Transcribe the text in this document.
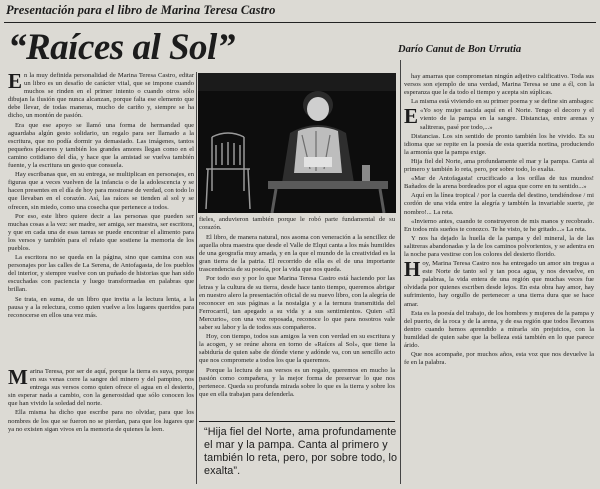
Presentación para el libro de Marina Teresa Castro
“Raíces al Sol”	Darío Canut de Bon Urrutia

En la muy definida personalidad de Marina Teresa Castro, editar un libro es un desafío de carácter vital, que se impone cuando muchos se rinden en el primer intento o cuando otros sólo dibujan la ilusión que nunca alcanzan, porque falta ese elemento que debe llevar, de todas maneras, mucho de cariño y, siempre se ha dicho, un montón de pasión.

Era que ese apoyo se llamó una forma de hermandad que aguardaba algún gesto solidario, un regalo para ser llamado a la escritura, que no podía dormir ya demasiado. Las imágenes, tantos pequeños placeres y también los grandes amores llegan como en el camino cotidiano del día, y hace que la amistad se vuelva también fuente, y la escritura un gesto que consuela.

Hay escribanas que, en su entrega, se multiplican en personajes, en figuras que a veces vuelven de la infancia o de la adolescencia y se hacen presentes en el día de hoy para mostrarse de verdad, con todo lo que llevaban en el corazón. Así, las raíces se tienden al sol y se ofrecen, sin miedo, como una cosecha que pertenece a todos.

Por eso, este libro quiere decir a las personas que pueden ser muchas cosas a la vez: ser madre, ser amiga, ser maestra, ser escritora, y que en cada una de esas tareas se puede encontrar el alimento para los versos y también para el relato que sostiene la memoria de los pueblos.

La escritora no se queda en la página, sino que camina con sus personajes por las calles de La Serena, de Antofagasta, de los pueblos del interior, y siempre vuelve con un puñado de historias que han sido escuchadas con paciencia y luego transformadas en palabras que brillan.

Se trata, en suma, de un libro que invita a la lectura lenta, a la pausa y a la relectura, como quien vuelve a los lugares queridos para reconocerse en ellos una vez más.

Marina Teresa, por ser de aquí, porque la tierra es suya, porque en sus venas corre la sangre del minero y del pampino, nos entrega sus versos como quien ofrece el agua en el desierto, sin esperar nada a cambio, con la generosidad que sólo conocen los que han vivido la soledad del norte.

Ella misma ha dicho que escribe para no olvidar, para que los nombres de los que se fueron no se pierdan, para que los lugares que ya no existen sigan vivos en la memoria de quienes la leen.

fieles, anduvieron también porque le robó parte fundamental de su corazón.

El libro, de manera natural, nos asoma con veneración a la sencillez de aquella obra maestra que desde el Valle de Elqui canta a los más humildes de una geografía muy amada, y en la que el mundo de la creatividad es la gran tierra de la patria. El recorrido de ella es el de una importante trascendencia de su poesía, por la vida que nos queda.

Por todo eso y por lo que Marina Teresa Castro está haciendo por las letras y la cultura de su tierra, desde hace tanto tiempo, queremos abrigar en nuestro alero la presentación oficial de su nuevo libro, con la alegría de reconocer en sus páginas a la nostalgia y a la ternura transmitida del Ferrocarril, tan apegado a su vida y a sus sentimientos. Quien «El Mercurio», con una voz reposada, reconoce lo que para nosotros vale saber su labor y la de todos sus compañeros.

Hoy, con tiempo, todos sus amigos la ven con verdad en su escritura y la acogen, y se reúne ahora en torno de «Raíces al Sol», que tiene la sabiduría de quien sabe de dónde viene y adónde va, con un sencillo acto que nos compromete a todos los que la queremos.

Porque la lectura de sus versos es un regalo, queremos en mucho la pasión como compañera, y la mejor forma de preservar lo que nos pertenece. Queda su profunda mirada sobre lo que es la tierra y sobre los que en ella trabajan para defenderla.

“Hija fiel del Norte, ama profundamente el mar y la pampa. Canta al primero y también lo reta, pero, por sobre todo, lo exalta”.

hay amarras que comprometan ningún adjetivo calificativo. Toda sus versos son ejemplo de una verdad, Marina Teresa se une a él, con la esperanza que le da todo el tiempo y acepta sin súplicas.

La misma está viviendo en su primer poema y se define sin ambages:

E «Yo soy mujer nacida aquí en el Norte. Tengo el decoro y el viento de la pampa en la sangre. Distancias, entre arenas y salitreras, pasé por todo,...»

Distancias. Los sin sentido de pronto también los he vivido. Es su idioma que se repite en la poesía de esta querida nortina, produciendo la armonía que la pampa exige.

Hija fiel del Norte, ama profundamente el mar y la pampa. Canta al primero y también lo reta, pero, por sobre todo, lo exalta.

«Mar de Antofagasta! crucificado a los orillas de tus mundos! Bañados de la arena bordeados por el agua que corre en tu sentido...»

Aquí en la línea tropical / por la cuerda del destino, tendiéndose / mi cordón de una vida entre la alegría y también la invariable suerte, ¡te nombro!... La reta.

«Invierno antes, cuando te construyeron de mis manos y recobrado. En todos mis sueños te conozco. Te he visto, te he gritado...» La reta.

Y nos ha dejado la huella de la pampa y del mineral, la de las salitreras abandonadas y la de los caminos polvorientos, y se adentra en la noche para vestirse con los colores del desierto florido.

Hoy, Marina Teresa Castro nos ha entregado un amor sin tregua a este Norte de tanto sol y tan poca agua, y nos devuelve, en palabras, la vida entera de una región que muchas veces fue olvidada por quienes escriben desde lejos. En esta obra hay amor, hay sufrimiento, hay orgullo de pertenecer a una tierra dura que se hace amar.

Esta es la poesía del trabajo, de los hombres y mujeres de la pampa y del puerto, de la roca y de la arena, y de esa región que todos llevamos dentro cuando hemos aprendido a mirarla sin prejuicios, con la humildad de quien sabe que la belleza está también en lo que parece árido.

Que nos acompañe, por muchos años, esta voz que nos devuelve la fe en la palabra.
